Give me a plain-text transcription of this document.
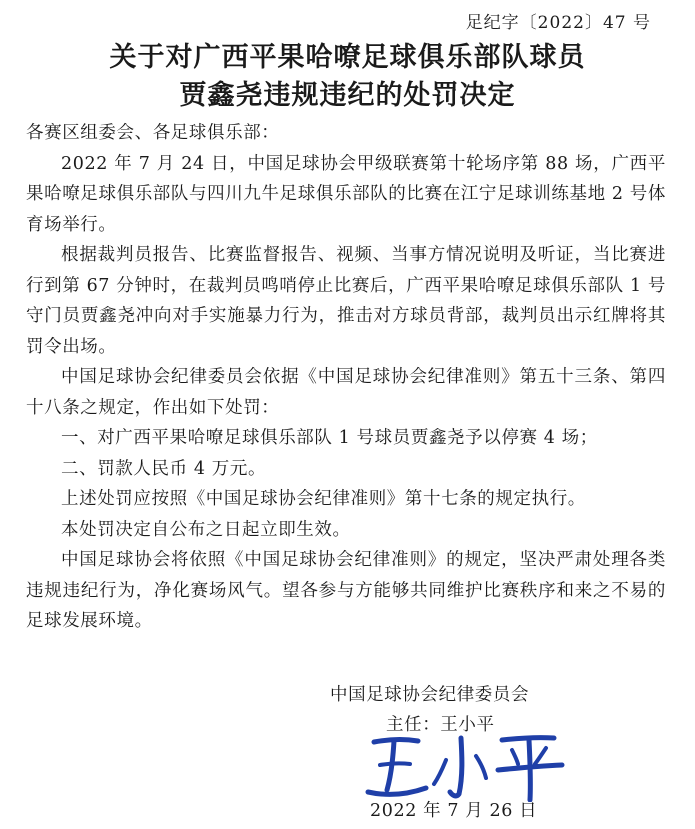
足纪字〔2022〕47 号
关于对广西平果哈嘹足球俱乐部队球员
贾鑫尧违规违纪的处罚决定

各赛区组委会、各足球俱乐部：

2022 年 7 月 24 日，中国足球协会甲级联赛第十轮场序第 88 场，广西平果哈嘹足球俱乐部队与四川九牛足球俱乐部队的比赛在江宁足球训练基地 2 号体育场举行。

根据裁判员报告、比赛监督报告、视频、当事方情况说明及听证，当比赛进行到第 67 分钟时，在裁判员鸣哨停止比赛后，广西平果哈嘹足球俱乐部队 1 号守门员贾鑫尧冲向对手实施暴力行为，推击对方球员背部，裁判员出示红牌将其罚令出场。

中国足球协会纪律委员会依据《中国足球协会纪律准则》第五十三条、第四十八条之规定，作出如下处罚：

一、对广西平果哈嘹足球俱乐部队 1 号球员贾鑫尧予以停赛 4 场；

二、罚款人民币 4 万元。

上述处罚应按照《中国足球协会纪律准则》第十七条的规定执行。

本处罚决定自公布之日起立即生效。

中国足球协会将依照《中国足球协会纪律准则》的规定，坚决严肃处理各类违规违纪行为，净化赛场风气。望各参与方能够共同维护比赛秩序和来之不易的足球发展环境。

中国足球协会纪律委员会
主任：王小平
2022 年 7 月 26 日
